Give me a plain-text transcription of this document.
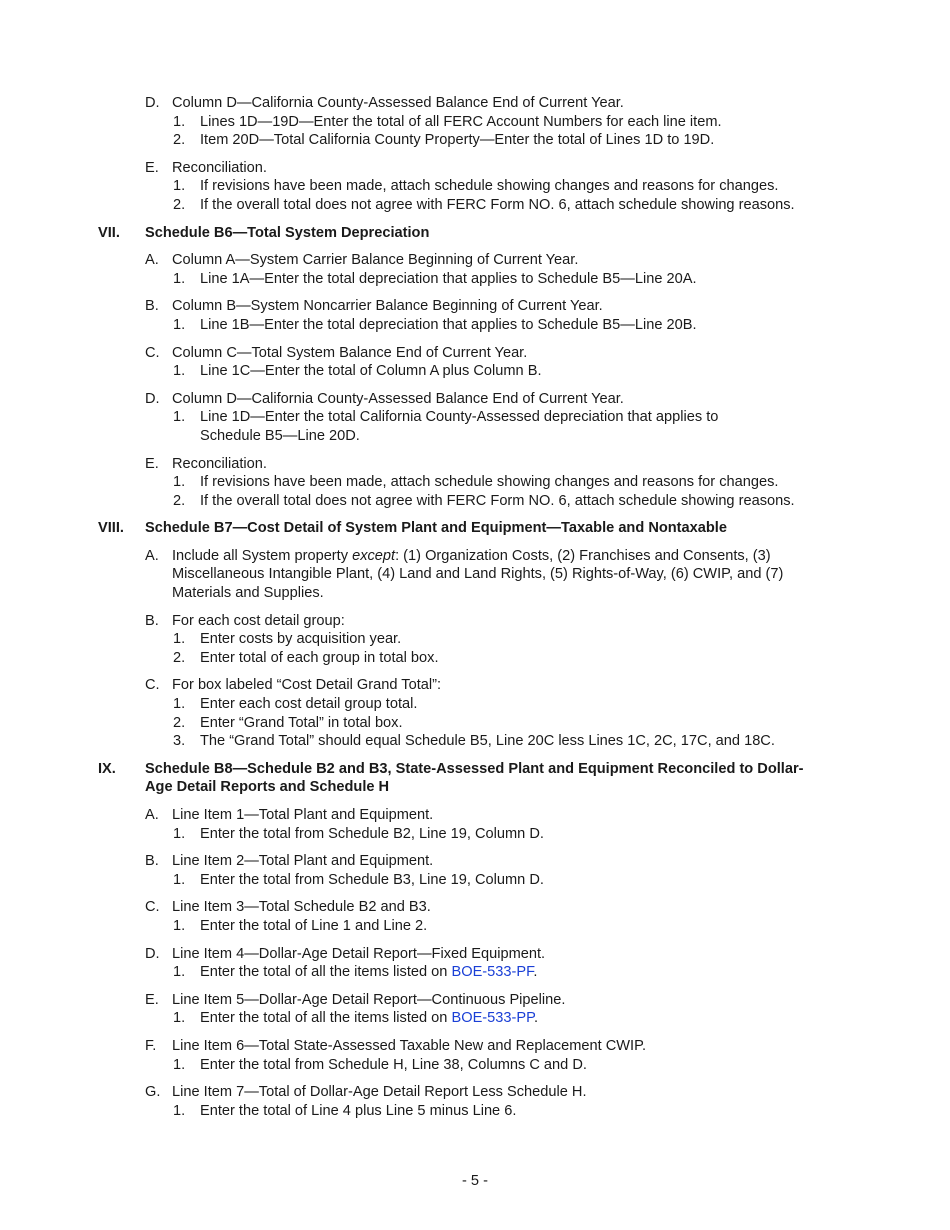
D. Column D—California County-Assessed Balance End of Current Year.
1. Lines 1D—19D—Enter the total of all FERC Account Numbers for each line item.
2. Item 20D—Total California County Property—Enter the total of Lines 1D to 19D.
E. Reconciliation.
1. If revisions have been made, attach schedule showing changes and reasons for changes.
2. If the overall total does not agree with FERC Form NO. 6, attach schedule showing reasons.
VII. Schedule B6—Total System Depreciation
A. Column A—System Carrier Balance Beginning of Current Year.
1. Line 1A—Enter the total depreciation that applies to Schedule B5—Line 20A.
B. Column B—System Noncarrier Balance Beginning of Current Year.
1. Line 1B—Enter the total depreciation that applies to Schedule B5—Line 20B.
C. Column C—Total System Balance End of Current Year.
1. Line 1C—Enter the total of Column A plus Column B.
D. Column D—California County-Assessed Balance End of Current Year.
1. Line 1D—Enter the total California County-Assessed depreciation that applies to
Schedule B5—Line 20D.
E. Reconciliation.
1. If revisions have been made, attach schedule showing changes and reasons for changes.
2. If the overall total does not agree with FERC Form NO. 6, attach schedule showing reasons.
VIII. Schedule B7—Cost Detail of System Plant and Equipment—Taxable and Nontaxable
A. Include all System property except: (1) Organization Costs, (2) Franchises and Consents, (3)
Miscellaneous Intangible Plant, (4) Land and Land Rights, (5) Rights-of-Way, (6) CWIP, and (7)
Materials and Supplies.
B. For each cost detail group:
1. Enter costs by acquisition year.
2. Enter total of each group in total box.
C. For box labeled “Cost Detail Grand Total”:
1. Enter each cost detail group total.
2. Enter “Grand Total” in total box.
3. The “Grand Total” should equal Schedule B5, Line 20C less Lines 1C, 2C, 17C, and 18C.
IX. Schedule B8—Schedule B2 and B3, State-Assessed Plant and Equipment Reconciled to Dollar-
Age Detail Reports and Schedule H
A. Line Item 1—Total Plant and Equipment.
1. Enter the total from Schedule B2, Line 19, Column D.
B. Line Item 2—Total Plant and Equipment.
1. Enter the total from Schedule B3, Line 19, Column D.
C. Line Item 3—Total Schedule B2 and B3.
1. Enter the total of Line 1 and Line 2.
D. Line Item 4—Dollar-Age Detail Report—Fixed Equipment.
1. Enter the total of all the items listed on BOE-533-PF.
E. Line Item 5—Dollar-Age Detail Report—Continuous Pipeline.
1. Enter the total of all the items listed on BOE-533-PP.
F. Line Item 6—Total State-Assessed Taxable New and Replacement CWIP.
1. Enter the total from Schedule H, Line 38, Columns C and D.
G. Line Item 7—Total of Dollar-Age Detail Report Less Schedule H.
1. Enter the total of Line 4 plus Line 5 minus Line 6.
- 5 -
